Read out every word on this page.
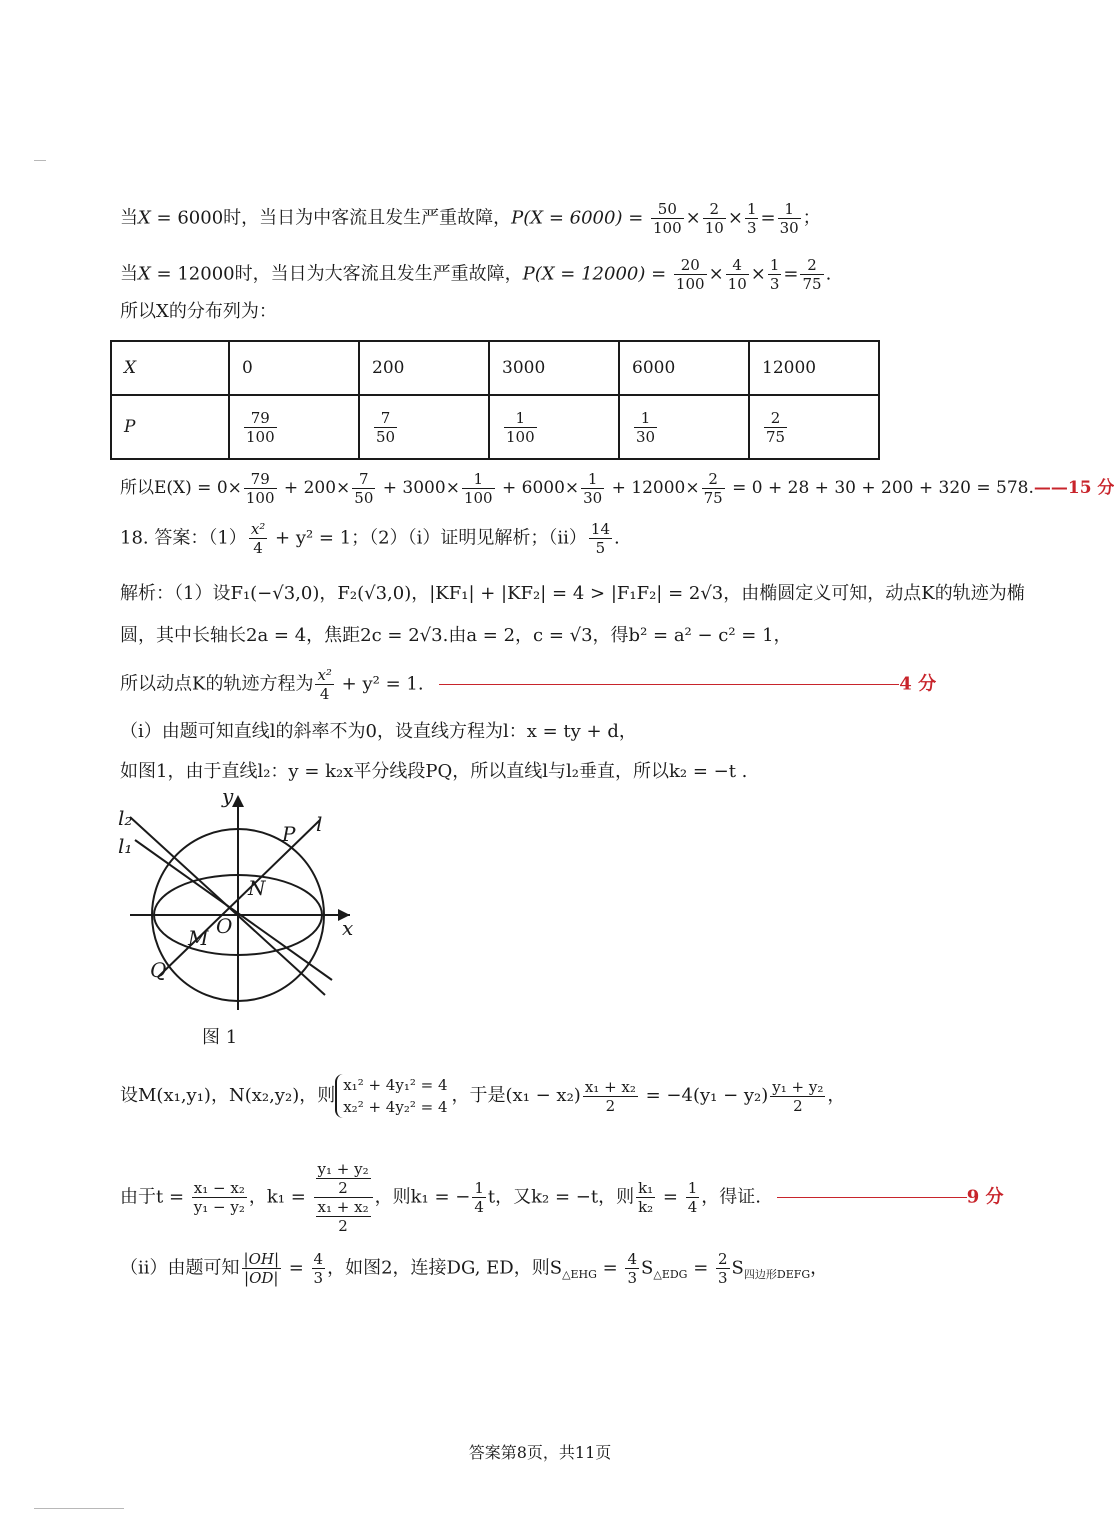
当X = 6000时，当日为中客流且发生严重故障，$P(X = 6000) = \frac{50}{100} \times \frac{2}{10} \times \frac{1}{3} = \frac{1}{30}$ ；
当X = 12000时，当日为大客流且发生严重故障，$P(X = 12000) = \frac{20}{100} \times \frac{4}{10} \times \frac{1}{3} = \frac{2}{75}$ .
所以X的分布列为：
X	0	200	3000	6000	12000
P	$\frac{79}{100}$	$\frac{7}{50}$	$\frac{1}{100}$	$\frac{1}{30}$	$\frac{2}{75}$
所以$E(X) = 0\times \frac{79}{100} + 200\times \frac{7}{50} + 3000\times \frac{1}{100} + 6000\times \frac{1}{30} + 12000\times \frac{2}{75} = 0 + 28 + 30 + 200 + 320$ = 578.——15 分
18. 答案：$(1) \frac{\text{x²}}{4} + y^2 = 1$；（2）（i）证明见解析；$(ii) \frac{14}{5}$ .
解析：（1）设F₁(−√3,0)，F₂(√3,0)，|KF₁| + |KF₂| = 4 > |F₁F₂| = 2√3，由椭圆定义可知，动点K的轨迹为椭
圆，其中长轴长2a = 4，焦距2c = 2√3.由a = 2，c = √3，得b² = a² − c² = 1，
所以动点K的轨迹方程为 $\frac{\text{x²}}{4} + y^2 = 1$.	4 分
（i）由题可知直线l的斜率不为0，设直线方程为l：x = ty + d，
如图1，由于直线l₂：y = k₂x平分线段PQ，所以直线l与l₂垂直，所以k₂ = −t .
y
x
l₂
l₁	P l
N
O
M
Q
图 1
设M(x₁,y₁)，N(x₂,y₂)，则 x₁² + 4y₁² = 4
x₂² + 4y₂² = 4
，于是$(x_1 - x_2) \frac{\text{x₁ + x₂}}{2} = -4(y_1 - y_2) \frac{\text{y₁ + y₂}}{2}$ ，
由于$t = \frac{\text{x₁ − x₂}}{\text{y₁ − y₂}}$ ，$k_1 = \frac{\frac{\text{y₁ + y₂}}{2}}{\frac{\text{x₁ + x₂}}{2}}$ ，则k₁ = − $\frac{1}{4}$ t，又k₂ = −t，则 $\frac{\text{k₁}}{\text{k₂}} = \frac{1}{4}$ ，得证.	9 分
（ii）由题可知 $\frac{|OH|}{|OD|} = \frac{4}{3}$ ，如图2，连接DG, ED，则$S_{\triangle EHG} = \frac{4}{3} S_{\triangle EDG} = \frac{2}{3} S_{四边形DEFG}$，
答案第8页，共11页
